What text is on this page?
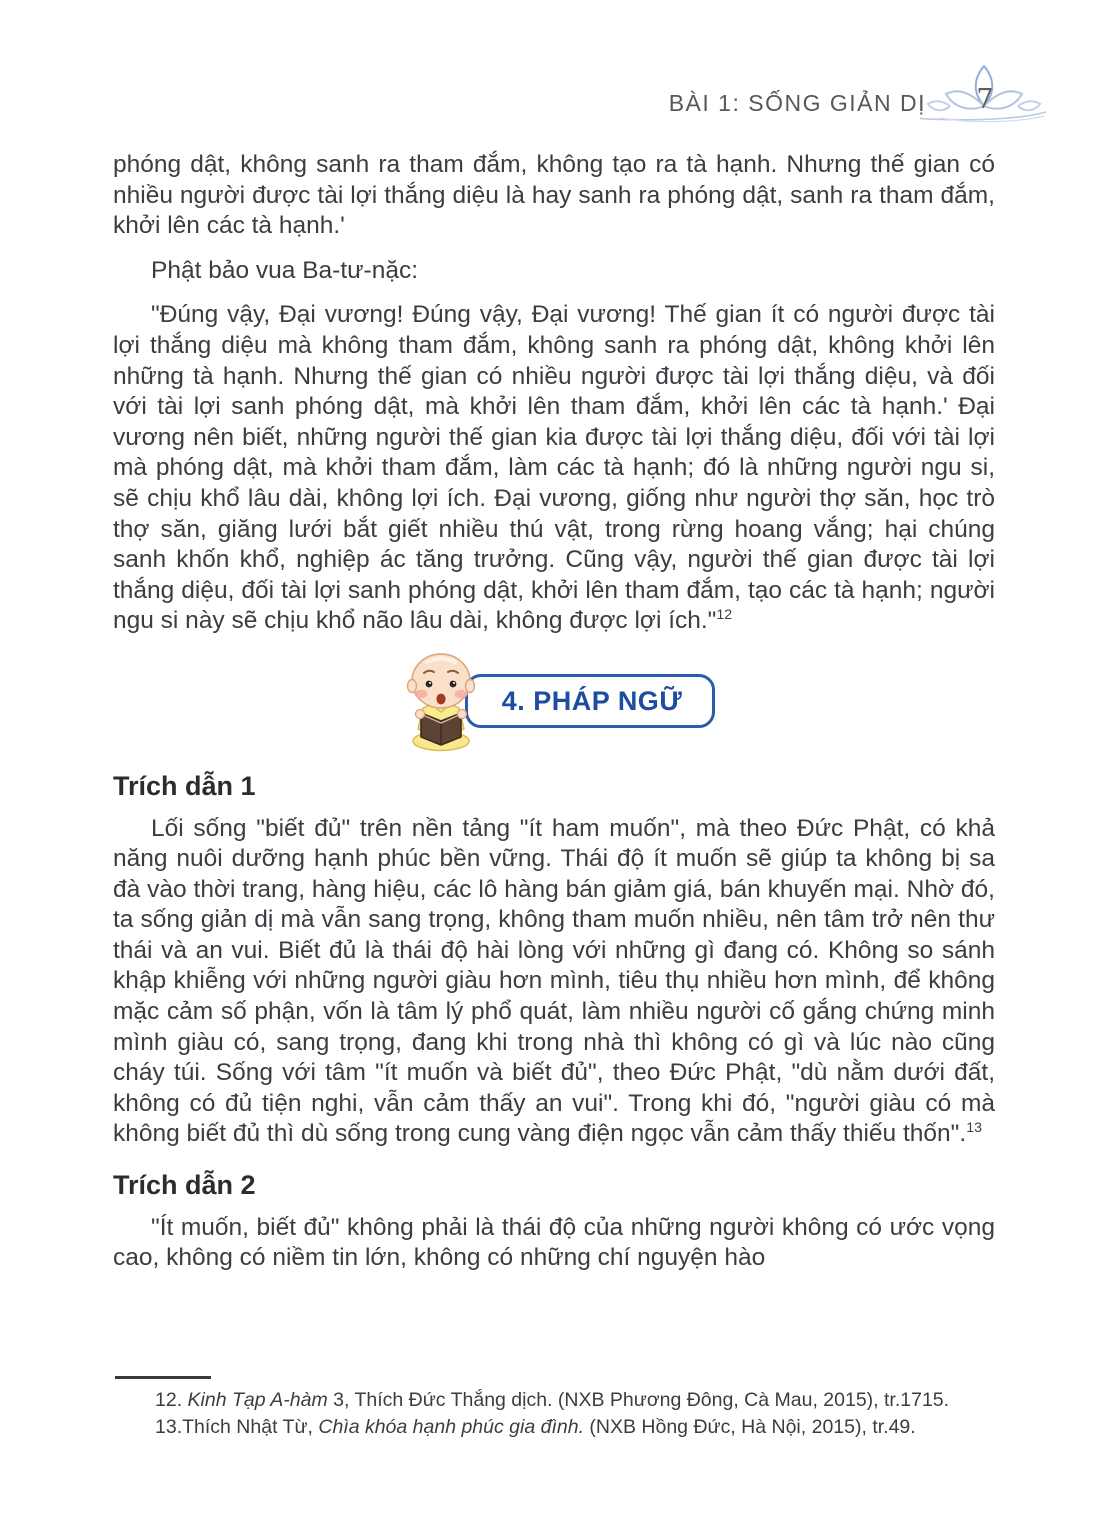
BÀI 1: SỐNG GIẢN DỊ 7

phóng dật, không sanh ra tham đắm, không tạo ra tà hạnh. Nhưng thế gian có nhiều người được tài lợi thắng diệu là hay sanh ra phóng dật, sanh ra tham đắm, khởi lên các tà hạnh.'

Phật bảo vua Ba-tư-nặc:

"Đúng vậy, Đại vương! Đúng vậy, Đại vương! Thế gian ít có người được tài lợi thắng diệu mà không tham đắm, không sanh ra phóng dật, không khởi lên những tà hạnh. Nhưng thế gian có nhiều người được tài lợi thắng diệu, và đối với tài lợi sanh phóng dật, mà khởi lên tham đắm, khởi lên các tà hạnh.' Đại vương nên biết, những người thế gian kia được tài lợi thắng diệu, đối với tài lợi mà phóng dật, mà khởi tham đắm, làm các tà hạnh; đó là những người ngu si, sẽ chịu khổ lâu dài, không lợi ích. Đại vương, giống như người thợ săn, học trò thợ săn, giăng lưới bắt giết nhiều thú vật, trong rừng hoang vắng; hại chúng sanh khốn khổ, nghiệp ác tăng trưởng. Cũng vậy, người thế gian được tài lợi thắng diệu, đối tài lợi sanh phóng dật, khởi lên tham đắm, tạo các tà hạnh; người ngu si này sẽ chịu khổ não lâu dài, không được lợi ích."$^{12}$

4. PHÁP NGỮ
Trích dẫn 1

Lối sống "biết đủ" trên nền tảng "ít ham muốn", mà theo Đức Phật, có khả năng nuôi dưỡng hạnh phúc bền vững. Thái độ ít muốn sẽ giúp ta không bị sa đà vào thời trang, hàng hiệu, các lô hàng bán giảm giá, bán khuyến mại. Nhờ đó, ta sống giản dị mà vẫn sang trọng, không tham muốn nhiều, nên tâm trở nên thư thái và an vui. Biết đủ là thái độ hài lòng với những gì đang có. Không so sánh khập khiễng với những người giàu hơn mình, tiêu thụ nhiều hơn mình, để không mặc cảm số phận, vốn là tâm lý phổ quát, làm nhiều người cố gắng chứng minh mình giàu có, sang trọng, đang khi trong nhà thì không có gì và lúc nào cũng cháy túi. Sống với tâm "ít muốn và biết đủ", theo Đức Phật, "dù nằm dưới đất, không có đủ tiện nghi, vẫn cảm thấy an vui". Trong khi đó, "người giàu có mà không biết đủ thì dù sống trong cung vàng điện ngọc vẫn cảm thấy thiếu thốn".$^{13}$

Trích dẫn 2

"Ít muốn, biết đủ" không phải là thái độ của những người không có ước vọng cao, không có niềm tin lớn, không có những chí nguyện hào

12. Kinh Tạp A-hàm 3, Thích Đức Thắng dịch. (NXB Phương Đông, Cà Mau, 2015), tr.1715.

13.Thích Nhật Từ, Chìa khóa hạnh phúc gia đình. (NXB Hồng Đức, Hà Nội, 2015), tr.49.
